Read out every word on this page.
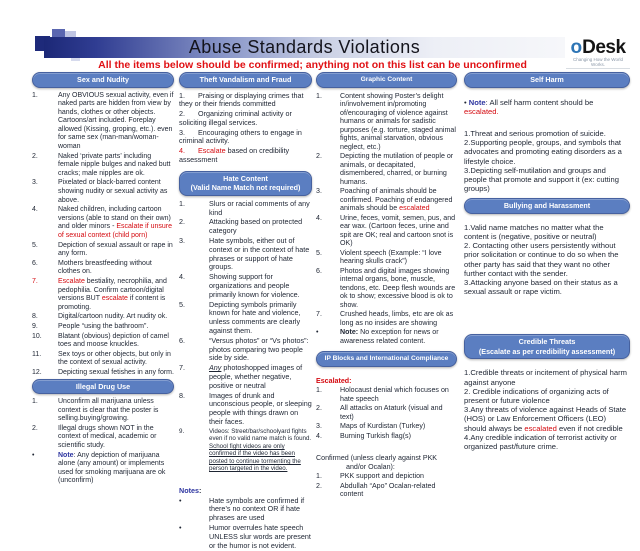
Abuse Standards Violations
All the items below should be confirmed; anything not on this list can be unconfirmed
oDesk
Changing How the World Works.
Sex and Nudity
1.	Any OBVIOUS sexual activity, even if naked parts are hidden from view by hands, clothes or other objects. Cartoons/art included. Foreplay allowed (Kissing, groping, etc.). even for same sex (man-man/woman-woman
2.	Naked ‘private parts’ including female nipple bulges and naked butt cracks; male nipples are ok.
3.	Pixelated or black-barred content showing nudity or sexual activity as above.
4.	Naked children, including cartoon versions (able to stand on their own) and older minors - Escalate if unsure of sexual context (child porn)
5.	Depiction of sexual assault or rape in any form.
6.	Mothers breastfeeding without clothes on.
7.	Escalate bestiality, necrophilia, and pedophilia. Confirm cartoon/digital versions BUT escalate if content is promoting.
8.	Digital/cartoon nudity. Art nudity ok.
9.	People “using the bathroom”.
10.	Blatant (obvious) depiction of camel toes and moose knuckles.
11.	Sex toys or other objects, but only in the context of sexual activity.
12.	Depicting sexual fetishes in any form.
Illegal Drug Use
1.	Unconfirm all marijuana unless context is clear that the poster is selling.buying/growing.
2.	Illegal drugs shown NOT in the context of medical, academic or scientific study.
•	Note: Any depiction of marijuana alone (any amount) or implements used for smoking marijuana are ok (unconfirm)
Theft Vandalism and Fraud
1. Praising or displaying crimes that they or their friends committed
2. Organizing criminal activity or soliciting illegal services.
3. Encouraging others to engage in criminal activity.
4. Escalate based on credibility assessment
Hate Content
(Valid Name Match not required)
1.	Slurs or racial comments of any kind
2.	Attacking based on protected category
3.	Hate symbols, either out of context or in the context of hate phrases or support of hate groups.
4.	Showing support for organizations and people primarily known for violence.
5.	Depicting symbols primarily known for hate and violence, unless comments are clearly against them.
6.	“Versus photos” or “Vs photos”: photos comparing two people side by side.
7.	Any photoshopped images of people, whether negative, positive or neutral
8.	Images of drunk and unconscious people, or sleeping people with things drawn on their faces.
9.	Videos: Street/bar/schoolyard fights even if no valid name match is found. School fight videos are only confirmed if the video has been posted to continue tormenting the person targeted in the video.
Notes:
•	Hate symbols are confirmed if there’s no context OR if hate phrases are used
•	Humor overrules hate speech UNLESS slur words are present or the humor is not evident.
Graphic Content
1.	Content showing Poster’s delight in/involvement in/promoting of/encouraging of violence against humans or animals for sadistic purposes (e.g. torture, staged animal fights, animal starvation, obvious neglect, etc.)
2.	Depicting the mutilation of people or animals, or decapitated, dismembered, charred, or burning humans.
3.	Poaching of animals should be confirmed. Poaching of endangered animals should be escalated
4.	Urine, feces, vomit, semen, pus, and ear wax. (Cartoon feces, urine and spit are OK; real and cartoon snot is OK)
5.	Violent speech (Example: “I love hearing skulls crack”)
6.	Photos and digital images showing internal organs, bone, muscle, tendons, etc. Deep flesh wounds are ok to show; excessive blood is ok to show.
7.	Crushed heads, limbs, etc are ok as long as no insides are showing
•	Note: No exception for news or awareness related content.
IP Blocks and International Compliance
Escalated:
1.	Holocaust denial which focuses on hate speech
2.	All attacks on Ataturk (visual and text)
3.	Maps of Kurdistan (Turkey)
4.	Burning Turkish flag(s)
Confirmed (unless clearly against PKK and/or Ocalan):
1.	PKK support and depiction
2.	Abdullah “Apo” Ocalan-related content
Self Harm
• Note: All self harm content should be escalated.
1.Threat and serious promotion of suicide.
2.Supporting people, groups, and symbols that advocates and promoting eating disorders as a lifestyle choice.
3.Depicting self-mutilation and groups and people that promote and support it (ex: cutting groups)
Bullying and Harassment
1.Valid name matches no matter what the content is (negative, positive or neutral)
2. Contacting other users persistently without prior solicitation or continue to do so when the other party has said that they want no other further contact with the sender.
3.Attacking anyone based on their status as a sexual assault or rape victim.
Credible Threats
(Escalate as per credibility assessment)
1.Credible threats or incitement of physical harm against anyone
2. Credible indications of organizing acts of present or future violence
3.Any threats of violence against Heads of State (HOS) or Law Enforcement Officers (LEO) should always be escalated even if not credible
4.Any credible indication of terrorist activity or organized past/future crime.
